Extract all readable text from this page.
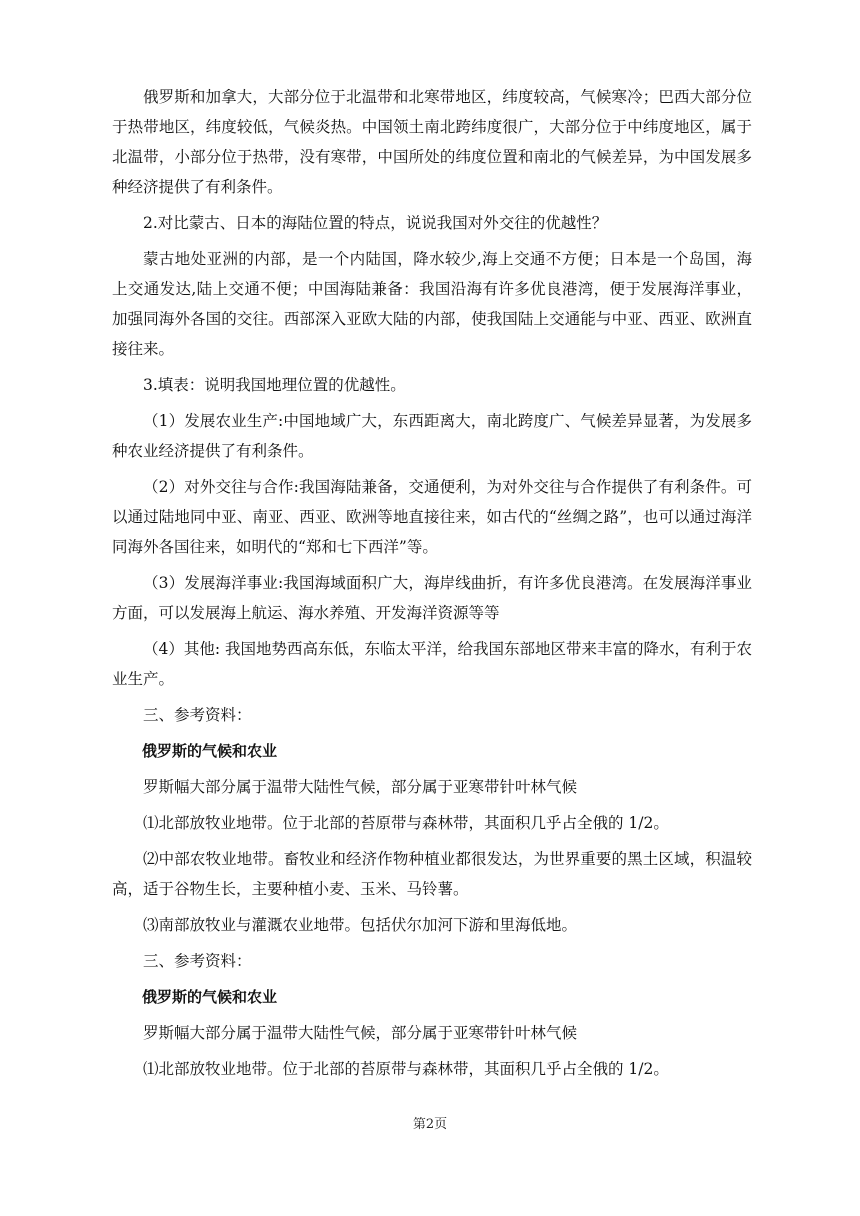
俄罗斯和加拿大，大部分位于北温带和北寒带地区，纬度较高，气候寒冷；巴西大部分位于热带地区，纬度较低，气候炎热。中国领土南北跨纬度很广，大部分位于中纬度地区，属于北温带，小部分位于热带，没有寒带，中国所处的纬度位置和南北的气候差异，为中国发展多种经济提供了有利条件。

2.对比蒙古、日本的海陆位置的特点，说说我国对外交往的优越性？

蒙古地处亚洲的内部，是一个内陆国，降水较少,海上交通不方便；日本是一个岛国，海上交通发达,陆上交通不便；中国海陆兼备：我国沿海有许多优良港湾，便于发展海洋事业，加强同海外各国的交往。西部深入亚欧大陆的内部，使我国陆上交通能与中亚、西亚、欧洲直接往来。

3.填表：说明我国地理位置的优越性。

（1）发展农业生产:中国地域广大，东西距离大，南北跨度广、气候差异显著，为发展多种农业经济提供了有利条件。

（2）对外交往与合作:我国海陆兼备，交通便利，为对外交往与合作提供了有利条件。可以通过陆地同中亚、南亚、西亚、欧洲等地直接往来，如古代的“丝绸之路”，也可以通过海洋同海外各国往来，如明代的“郑和七下西洋”等。

（3）发展海洋事业:我国海域面积广大，海岸线曲折，有许多优良港湾。在发展海洋事业方面，可以发展海上航运、海水养殖、开发海洋资源等等

（4）其他: 我国地势西高东低，东临太平洋，给我国东部地区带来丰富的降水，有利于农业生产。

三、参考资料：

俄罗斯的气候和农业

罗斯幅大部分属于温带大陆性气候，部分属于亚寒带针叶林气候

⑴北部放牧业地带。位于北部的苔原带与森林带，其面积几乎占全俄的 1/2。

⑵中部农牧业地带。畜牧业和经济作物种植业都很发达，为世界重要的黑土区域，积温较高，适于谷物生长，主要种植小麦、玉米、马铃薯。

⑶南部放牧业与灌溉农业地带。包括伏尔加河下游和里海低地。

三、参考资料：

俄罗斯的气候和农业

罗斯幅大部分属于温带大陆性气候，部分属于亚寒带针叶林气候

⑴北部放牧业地带。位于北部的苔原带与森林带，其面积几乎占全俄的 1/2。

第2页
